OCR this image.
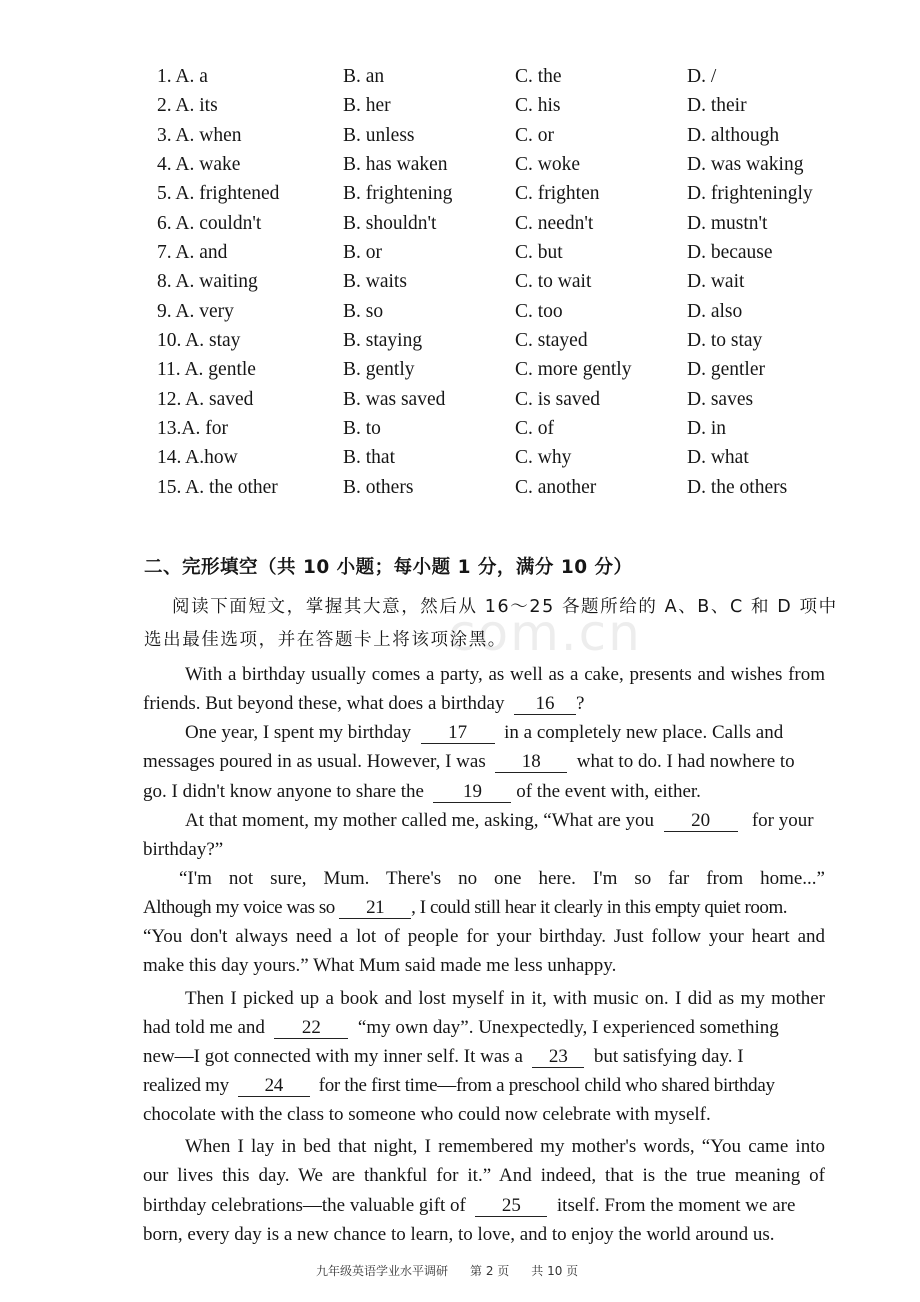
1. A. a	B. an	C. the	D. /
2. A. its	B. her	C. his	D. their
3. A. when	B. unless	C. or	D. although
4. A. wake	B. has waken	C. woke	D. was waking
5. A. frightened	B. frightening	C. frighten	D. frighteningly
6. A. couldn't	B. shouldn't	C. needn't	D. mustn't
7. A. and	B. or	C. but	D. because
8. A. waiting	B. waits	C. to wait	D. wait
9. A. very	B. so	C. too	D. also
10. A. stay	B. staying	C. stayed	D. to stay
11. A. gentle	B. gently	C. more gently	D. gentler
12. A. saved	B. was saved	C. is saved	D. saves
13.A. for	B. to	C. of	D. in
14. A.how	B. that	C. why	D. what
15. A. the other	B. others	C. another	D. the others
二、完形填空（共 10 小题；每小题 1 分，满分 10 分）
阅读下面短文，掌握其大意，然后从 16～25 各题所给的 A、B、C 和 D 项中
选出最佳选项，并在答题卡上将该项涂黑。
com.cn
With a birthday usually comes a party, as well as a cake, presents and wishes from
friends. But beyond these, what does a birthday 16 ?
One year, I spent my birthday 17 in a completely new place. Calls and
messages poured in as usual. However, I was 18 what to do. I had nowhere to
go. I didn't know anyone to share the 19 of the event with, either.
At that moment, my mother called me, asking, “What are you 20 for your
birthday?”
“I'm not sure, Mum. There's no one here. I'm so far from home...”
Although my voice was so 21 , I could still hear it clearly in this empty quiet room.
“You don't always need a lot of people for your birthday. Just follow your heart and
make this day yours.” What Mum said made me less unhappy.
Then I picked up a book and lost myself in it, with music on. I did as my mother
had told me and 22 “my own day”. Unexpectedly, I experienced something
new—I got connected with my inner self. It was a 23 but satisfying day. I
realized my 24 for the first time—from a preschool child who shared birthday
chocolate with the class to someone who could now celebrate with myself.
When I lay in bed that night, I remembered my mother's words, “You came into
our lives this day. We are thankful for it.” And indeed, that is the true meaning of
birthday celebrations—the valuable gift of 25 itself. From the moment we are
born, every day is a new chance to learn, to love, and to enjoy the world around us.
九年级英语学业水平调研 第 2 页 共 10 页
